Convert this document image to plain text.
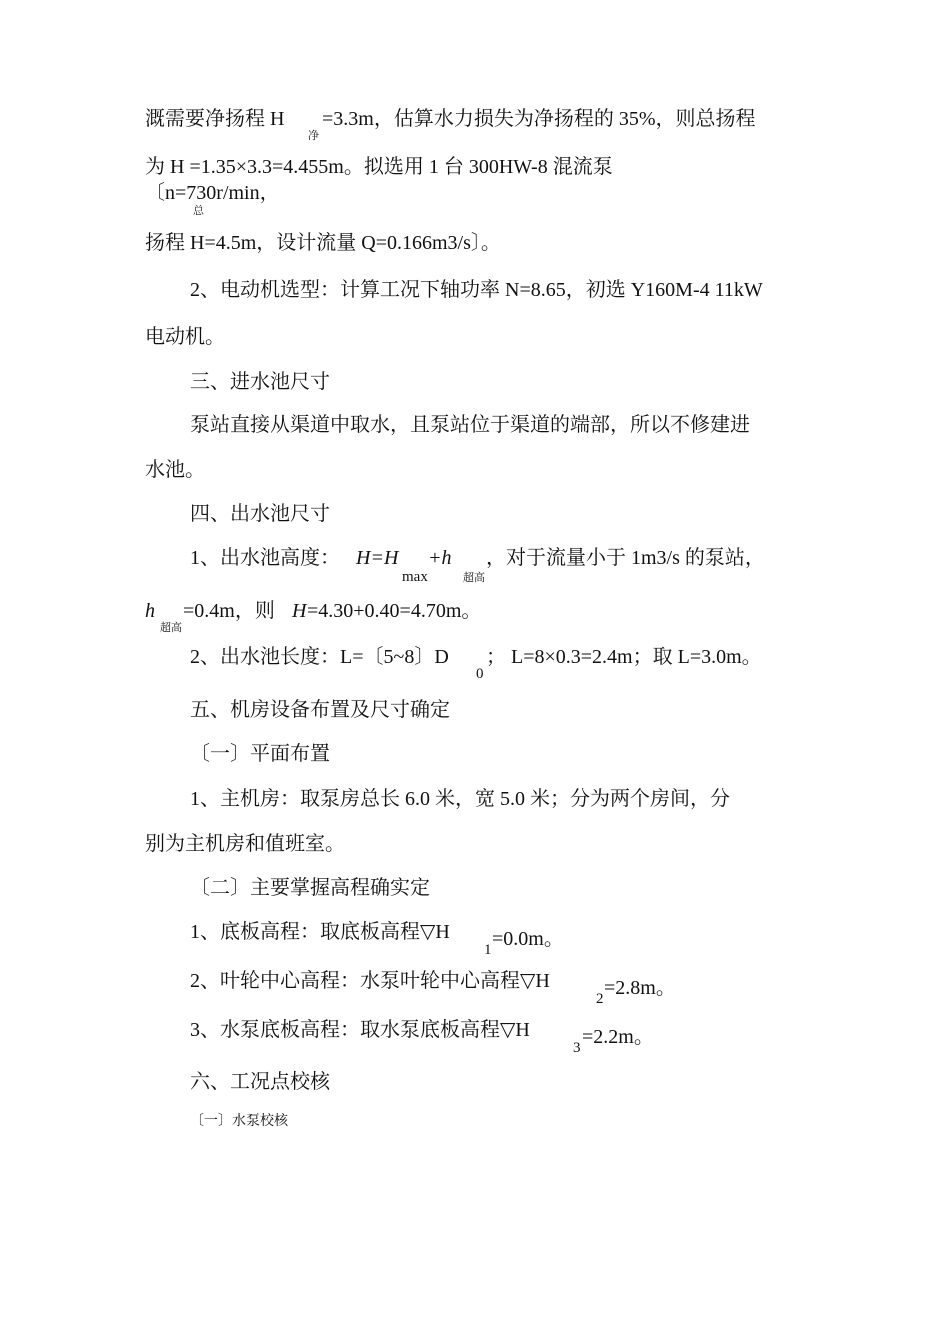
溉需要净扬程 H
净
=3.3m，估算水力损失为净扬程的 35%，则总扬程
为 H =1.35×3.3=4.455m。拟选用 1 台 300HW-8 混流泵
〔n=730r/min，
总
扬程 H=4.5m，设计流量 Q=0.166m3/s〕。
2、电动机选型：计算工况下轴功率 N=8.65，初选 Y160M-4 11kW
电动机。
三、进水池尺寸
泵站直接从渠道中取水，且泵站位于渠道的端部，所以不修建进
水池。
四、出水池尺寸
1、出水池高度： H=H
max
+h
超高
，对于流量小于 1m3/s 的泵站，
h
超高
=0.4m，则 H =4.30+0.40=4.70m。
2、出水池长度：L=〔5~8〕D
0
； L=8×0.3=2.4m；取 L=3.0m。
五、机房设备布置及尺寸确定
〔一〕平面布置
1、主机房：取泵房总长 6.0 米，宽 5.0 米；分为两个房间，分
别为主机房和值班室。
〔二〕主要掌握高程确实定
1、底板高程：取底板高程▽H
1 =0.0m。
2、叶轮中心高程：水泵叶轮中心高程▽H
2 =2.8m。
3、水泵底板高程：取水泵底板高程▽H
3 =2.2m。
六、工况点校核
〔一〕水泵校核
